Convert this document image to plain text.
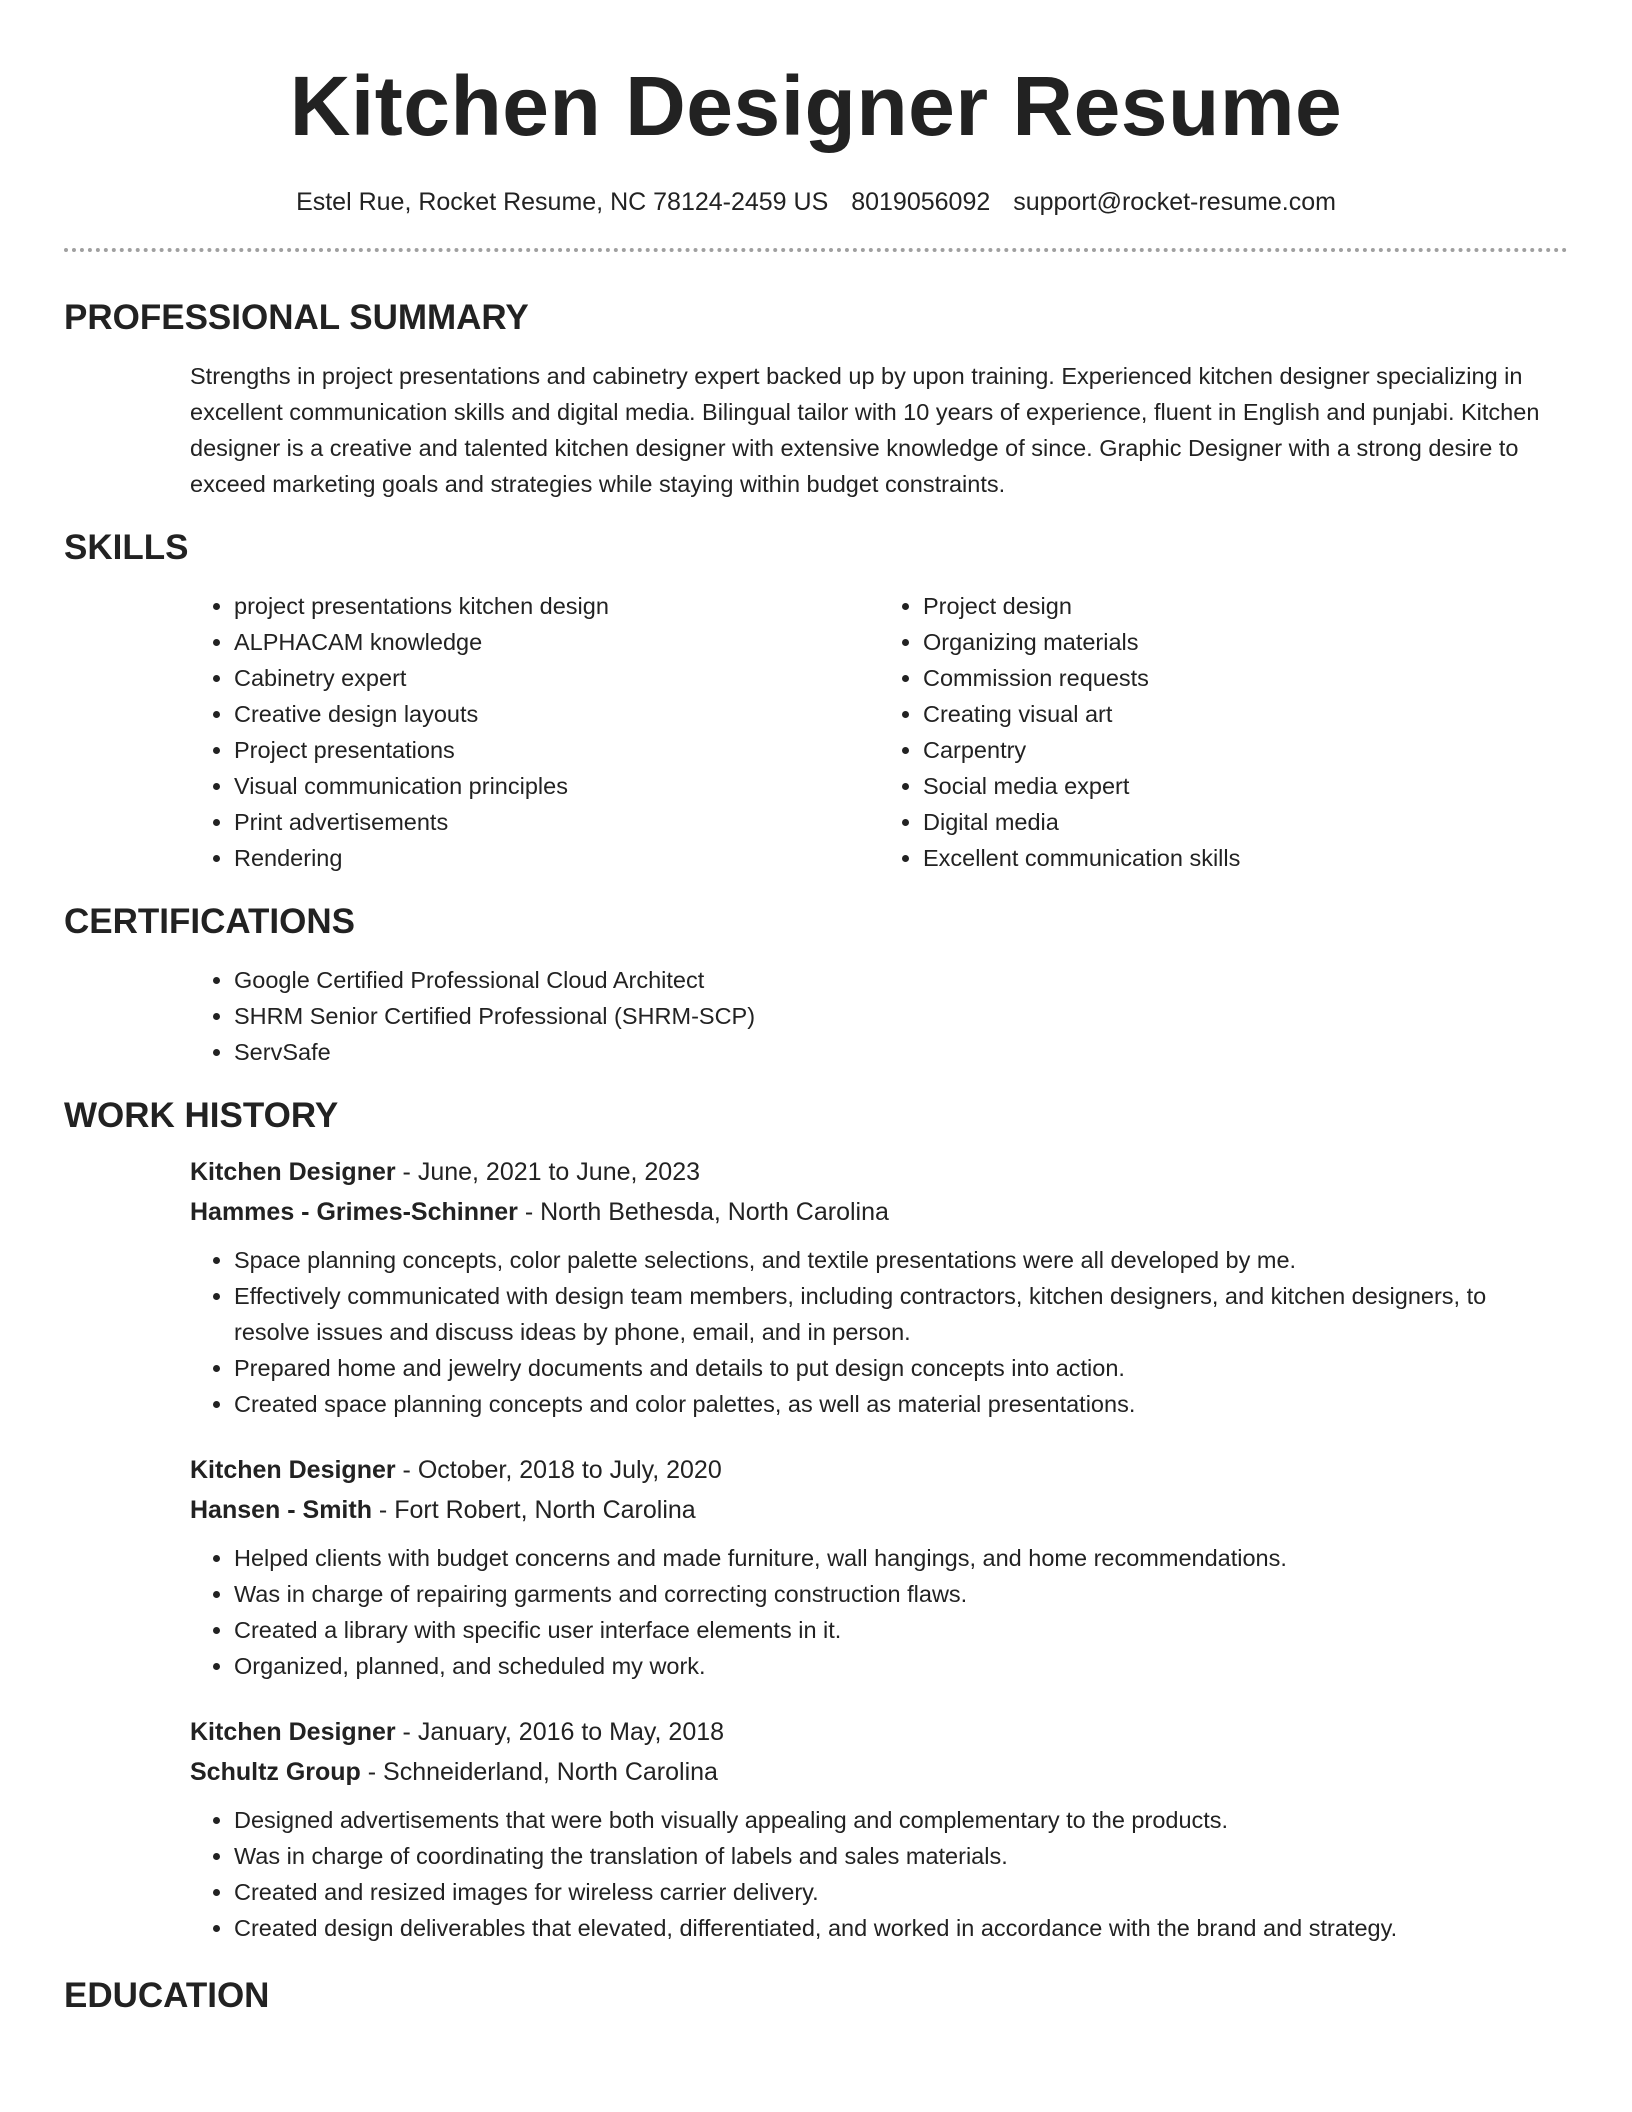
Kitchen Designer Resume
Estel Rue, Rocket Resume, NC 78124-2459 US 8019056092 support@rocket-resume.com
PROFESSIONAL SUMMARY

Strengths in project presentations and cabinetry expert backed up by upon training. Experienced kitchen designer specializing in excellent communication skills and digital media. Bilingual tailor with 10 years of experience, fluent in English and punjabi. Kitchen designer is a creative and talented kitchen designer with extensive knowledge of since. Graphic Designer with a strong desire to exceed marketing goals and strategies while staying within budget constraints.

SKILLS
• project presentations kitchen design
• ALPHACAM knowledge
• Cabinetry expert
• Creative design layouts
• Project presentations
• Visual communication principles
• Print advertisements
• Rendering
• Project design
• Organizing materials
• Commission requests
• Creating visual art
• Carpentry
• Social media expert
• Digital media
• Excellent communication skills
CERTIFICATIONS
• Google Certified Professional Cloud Architect
• SHRM Senior Certified Professional (SHRM-SCP)
• ServSafe
WORK HISTORY
Kitchen Designer - June, 2021 to June, 2023
Hammes - Grimes-Schinner - North Bethesda, North Carolina
• Space planning concepts, color palette selections, and textile presentations were all developed by me.
• Effectively communicated with design team members, including contractors, kitchen designers, and kitchen designers, to resolve issues and discuss ideas by phone, email, and in person.
• Prepared home and jewelry documents and details to put design concepts into action.
• Created space planning concepts and color palettes, as well as material presentations.
Kitchen Designer - October, 2018 to July, 2020
Hansen - Smith - Fort Robert, North Carolina
• Helped clients with budget concerns and made furniture, wall hangings, and home recommendations.
• Was in charge of repairing garments and correcting construction flaws.
• Created a library with specific user interface elements in it.
• Organized, planned, and scheduled my work.
Kitchen Designer - January, 2016 to May, 2018
Schultz Group - Schneiderland, North Carolina
• Designed advertisements that were both visually appealing and complementary to the products.
• Was in charge of coordinating the translation of labels and sales materials.
• Created and resized images for wireless carrier delivery.
• Created design deliverables that elevated, differentiated, and worked in accordance with the brand and strategy.
EDUCATION
